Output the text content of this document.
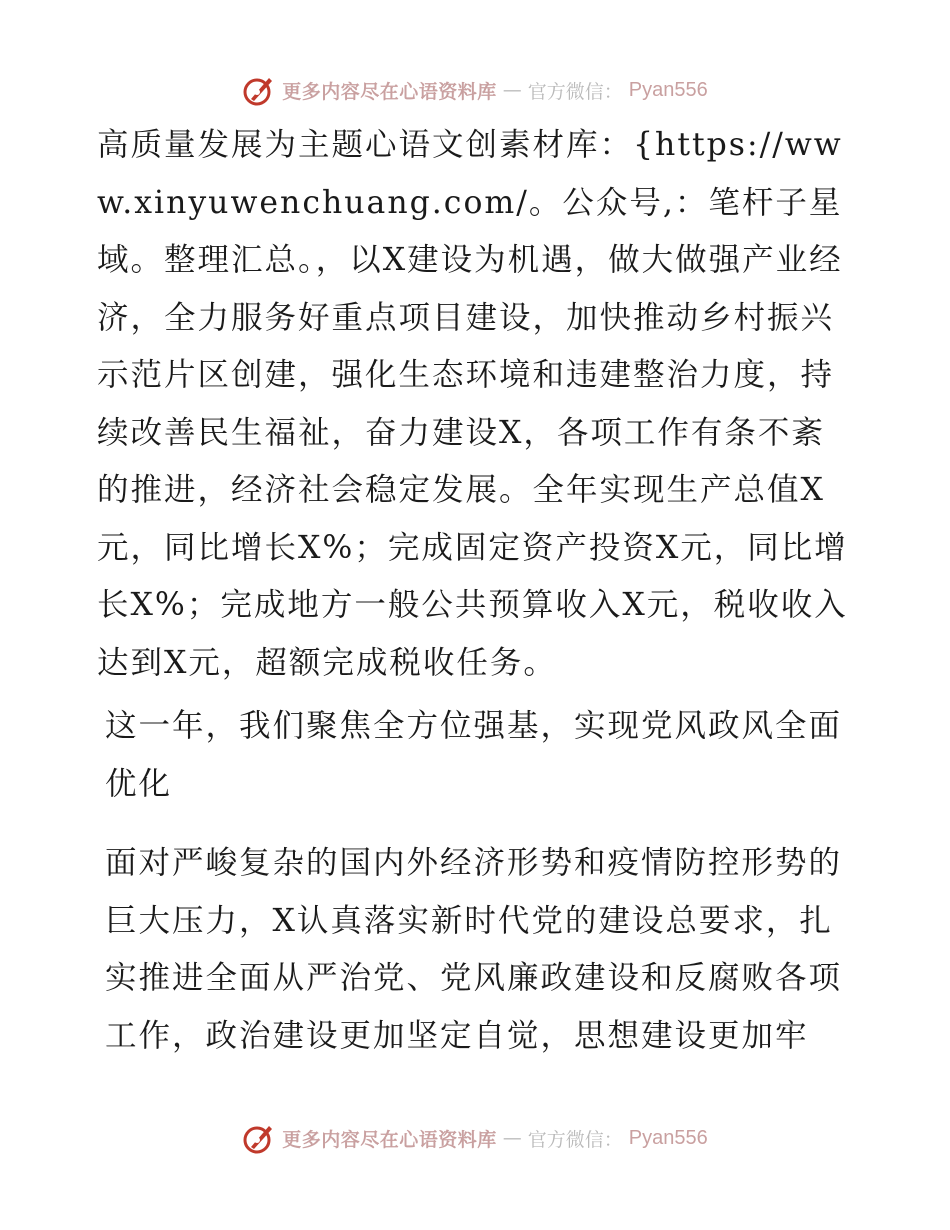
更多内容尽在心语资料库 — 官方微信： Pyan556

高质量发展为主题心语文创素材库：{https://www.xinyuwenchuang.com/。公众号,：笔杆子星域。整理汇总。，以X建设为机遇，做大做强产业经济，全力服务好重点项目建设，加快推动乡村振兴示范片区创建，强化生态环境和违建整治力度，持续改善民生福祉，奋力建设X，各项工作有条不紊的推进，经济社会稳定发展。全年实现生产总值X元，同比增长X%；完成固定资产投资X元，同比增长X%；完成地方一般公共预算收入X元，税收收入达到X元，超额完成税收任务。

这一年，我们聚焦全方位强基，实现党风政风全面优化

面对严峻复杂的国内外经济形势和疫情防控形势的巨大压力，X认真落实新时代党的建设总要求，扎实推进全面从严治党、党风廉政建设和反腐败各项工作，政治建设更加坚定自觉，思想建设更加牢

更多内容尽在心语资料库 — 官方微信： Pyan556
